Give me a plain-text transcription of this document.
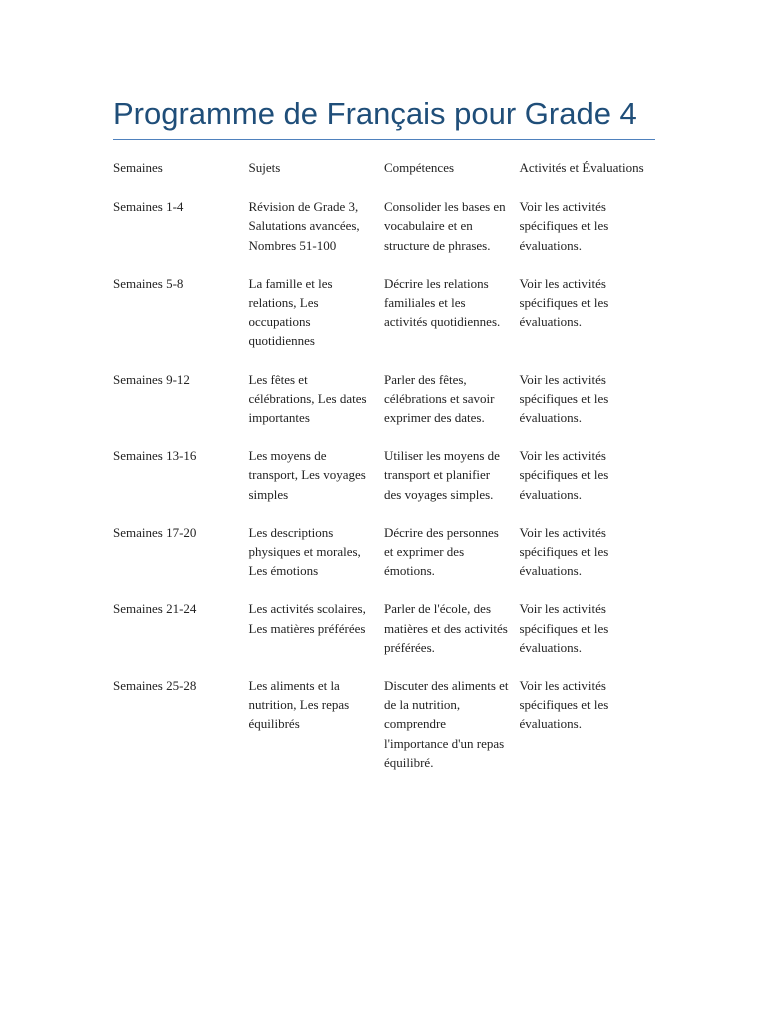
Programme de Français pour Grade 4
Semaines	Sujets	Compétences	Activités et Évaluations
Semaines 1-4	Révision de Grade 3, Salutations avancées, Nombres 51-100	Consolider les bases en vocabulaire et en structure de phrases.	Voir les activités spécifiques et les évaluations.
Semaines 5-8	La famille et les relations, Les occupations quotidiennes	Décrire les relations familiales et les activités quotidiennes.	Voir les activités spécifiques et les évaluations.
Semaines 9-12	Les fêtes et célébrations, Les dates importantes	Parler des fêtes, célébrations et savoir exprimer des dates.	Voir les activités spécifiques et les évaluations.
Semaines 13-16	Les moyens de transport, Les voyages simples	Utiliser les moyens de transport et planifier des voyages simples.	Voir les activités spécifiques et les évaluations.
Semaines 17-20	Les descriptions physiques et morales, Les émotions	Décrire des personnes et exprimer des émotions.	Voir les activités spécifiques et les évaluations.
Semaines 21-24	Les activités scolaires, Les matières préférées	Parler de l'école, des matières et des activités préférées.	Voir les activités spécifiques et les évaluations.
Semaines 25-28	Les aliments et la nutrition, Les repas équilibrés	Discuter des aliments et de la nutrition, comprendre l'importance d'un repas équilibré.	Voir les activités spécifiques et les évaluations.
